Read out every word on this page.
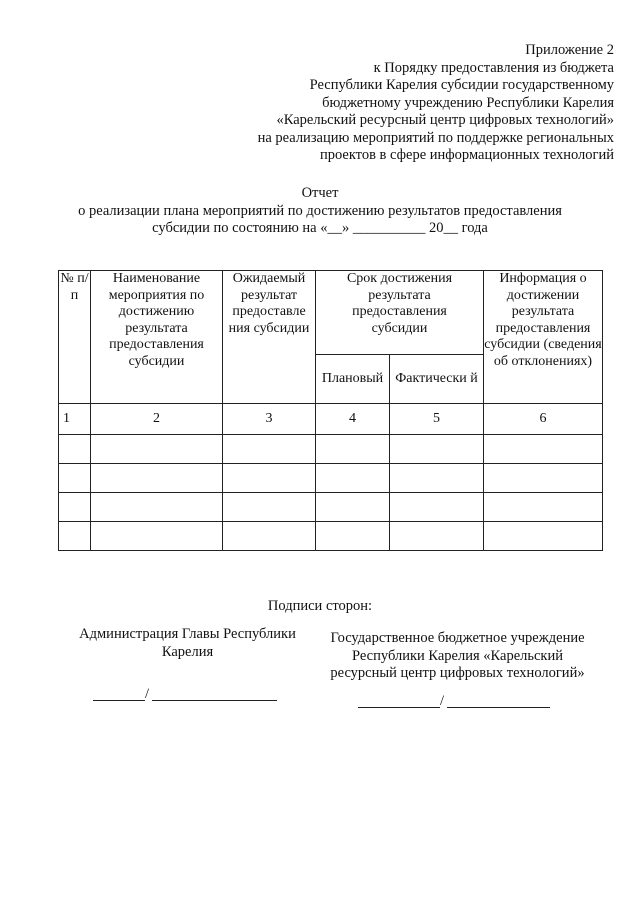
Приложение 2
к Порядку предоставления из бюджета
Республики Карелия субсидии государственному
бюджетному учреждению Республики Карелия
«Карельский ресурсный центр цифровых технологий»
на реализацию мероприятий по поддержке региональных
проектов в сфере информационных технологий
Отчет
о реализации плана мероприятий по достижению результатов предоставления
субсидии по состоянию на «__» __________ 20__ года
№ п/п	Наименование мероприятия по достижению результата предоставления субсидии	Ожидаемый результат предоставле ния субсидии	Срок достижения результата предоставления субсидии		Информация о достижении результата предоставления субсидии (сведения об отклонениях)

			Плановый	Фактически й	
1	2	3	4	5	6

Подписи сторон:
Администрация Главы Республики Карелия
Государственное бюджетное учреждение Республики Карелия «Карельский ресурсный центр цифровых технологий»
/	/
